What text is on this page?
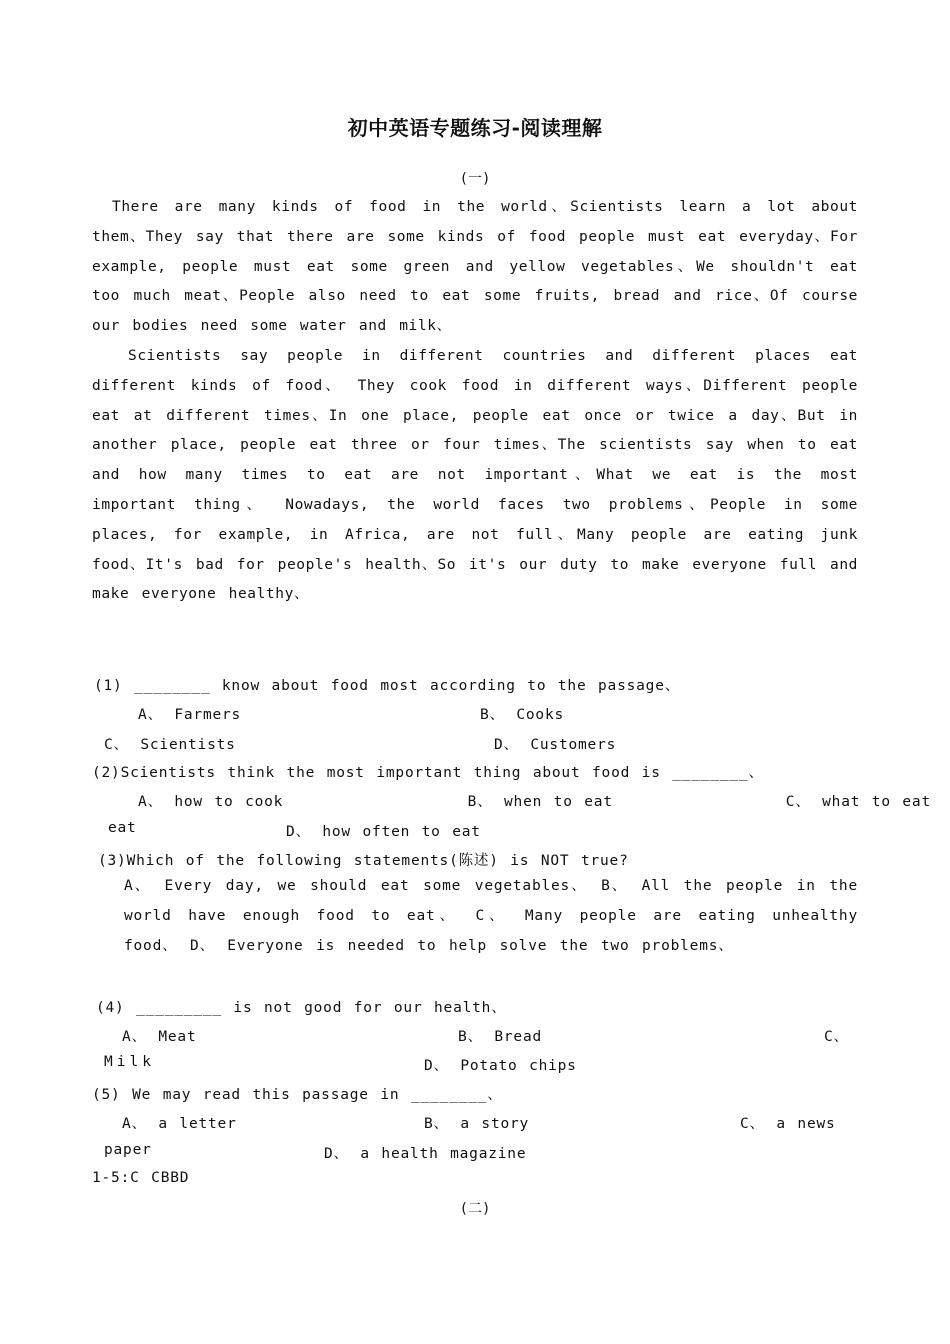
初中英语专题练习-阅读理解
(一)

There are many kinds of food in the world、Scientists learn a lot about them、They say that there are some kinds of food people must eat everyday、For example, people must eat some green and yellow vegetables、We shouldn't eat too much meat、People also need to eat some fruits, bread and rice、Of course our bodies need some water and milk、

Scientists say people in different countries and different places eat different kinds of food、 They cook food in different ways、Different people eat at different times、In one place, people eat once or twice a day、But in another place, people eat three or four times、The scientists say when to eat and how many times to eat are not important、What we eat is the most important thing、 Nowadays, the world faces two problems、People in some places, for example, in Africa, are not full、Many people are eating junk food、It's bad for people's health、So it's our duty to make everyone full and make everyone healthy、

(1) ________ know about food most according to the passage、
A、 Farmers	B、 Cooks
C、 Scientists	D、 Customers
(2)Scientists think the most important thing about food is ________、
A、 how to cook                B、 when to eat               C、 what to eat
eat	D、 how often to eat
(3)Which of the following statements(陈述) is NOT true?
A、 Every day, we should eat some vegetables、 B、 All the people in the world have enough food to eat、 C、 Many people are eating unhealthy food、 D、 Everyone is needed to help solve the two problems、
(4) _________ is not good for our health、
A、 Meat	B、 Bread	C、
Milk	D、 Potato chips
(5) We may read this passage in ________、
A、 a letter	B、 a story	C、 a news
paper	D、 a health magazine
1-5:C CBBD
(二)
